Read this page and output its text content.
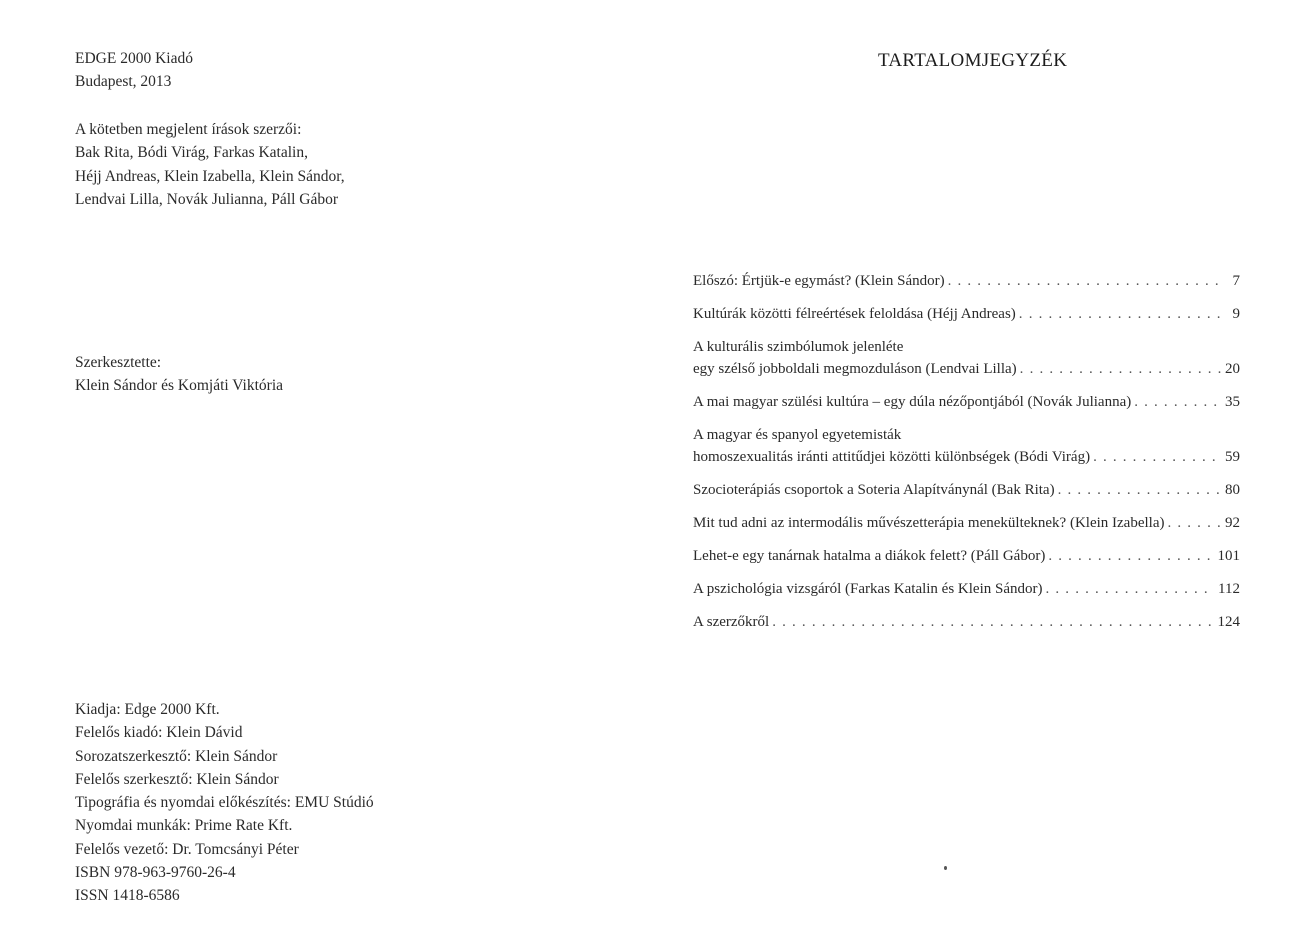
EDGE 2000 Kiadó
Budapest, 2013
A kötetben megjelent írások szerzői:
Bak Rita, Bódi Virág, Farkas Katalin,
Héjj Andreas, Klein Izabella, Klein Sándor,
Lendvai Lilla, Novák Julianna, Páll Gábor
Szerkesztette:
Klein Sándor és Komjáti Viktória
Kiadja: Edge 2000 Kft.
Felelős kiadó: Klein Dávid
Sorozatszerkesztő: Klein Sándor
Felelős szerkesztő: Klein Sándor
Tipográfia és nyomdai előkészítés: EMU Stúdió
Nyomdai munkák: Prime Rate Kft.
Felelős vezető: Dr. Tomcsányi Péter
ISBN 978-963-9760-26-4
ISSN 1418-6586
TARTALOMJEGYZÉK
Előszó: Értjük-e egymást? (Klein Sándor) . . .	7
Kultúrák közötti félreértések feloldása (Héjj Andreas) . . .	9
A kulturális szimbólumok jelenléte
egy szélső jobboldali megmozduláson (Lendvai Lilla) . . .	20
A mai magyar szülési kultúra – egy dúla nézőpontjából (Novák Julianna) . . .	35
A magyar és spanyol egyetemisták
homoszexualitás iránti attitűdjei közötti különbségek (Bódi Virág) . . .	59
Szocioterápiás csoportok a Soteria Alapítványnál (Bak Rita) . . .	80
Mit tud adni az intermodális művészetterápia menekülteknek? (Klein Izabella) . . .	92
Lehet-e egy tanárnak hatalma a diákok felett? (Páll Gábor) . . .	101
A pszichológia vizsgáról (Farkas Katalin és Klein Sándor) . . .	112
A szerzőkről . . .	124
